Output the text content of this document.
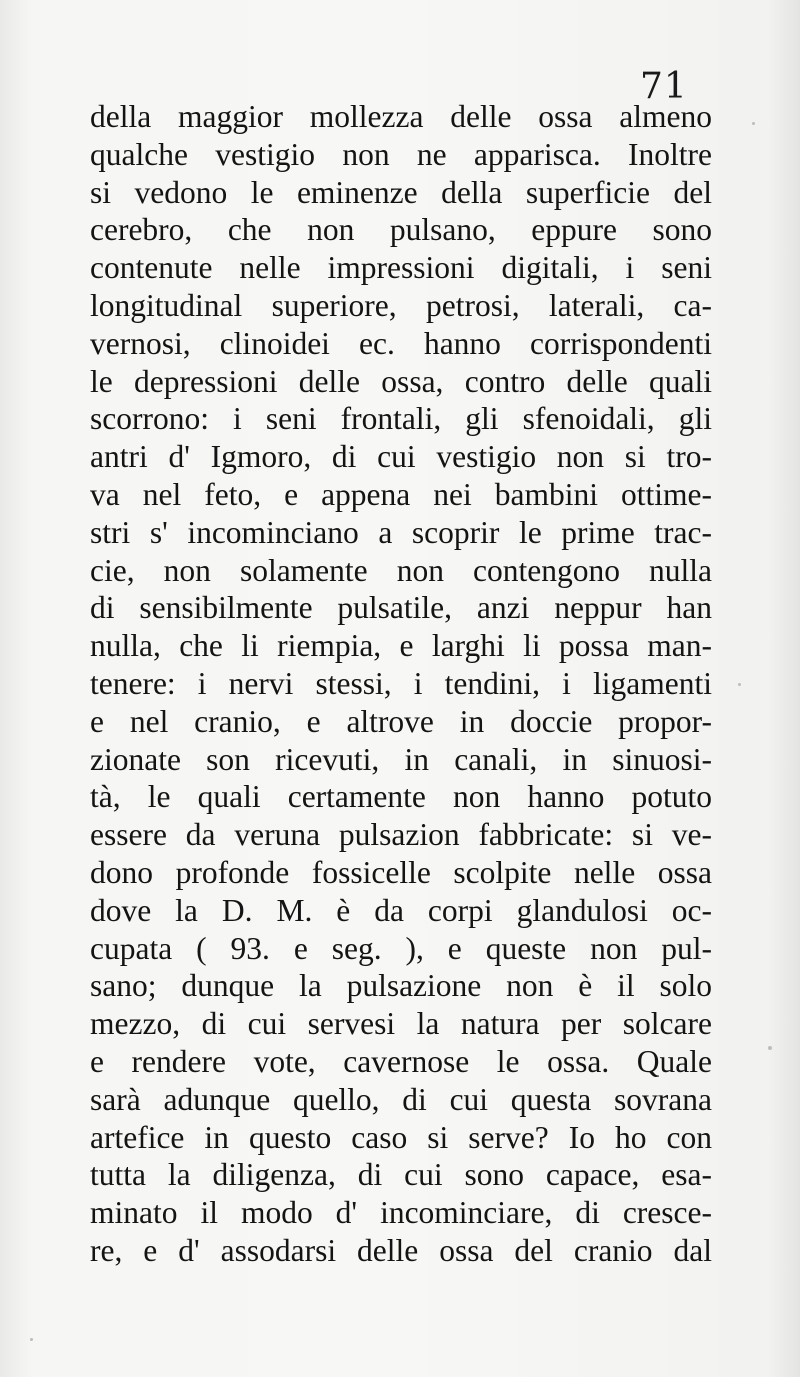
71
della maggior mollezza delle ossa almeno
qualche vestigio non ne apparisca. Inoltre
si vedono le eminenze della superficie del
cerebro, che non pulsano, eppure sono
contenute nelle impressioni digitali, i seni
longitudinal superiore, petrosi, laterali, ca-
vernosi, clinoidei ec. hanno corrispondenti
le depressioni delle ossa, contro delle quali
scorrono: i seni frontali, gli sfenoidali, gli
antri d' Igmoro, di cui vestigio non si tro-
va nel feto, e appena nei bambini ottime-
stri s' incominciano a scoprir le prime trac-
cie, non solamente non contengono nulla
di sensibilmente pulsatile, anzi neppur han
nulla, che li riempia, e larghi li possa man-
tenere: i nervi stessi, i tendini, i ligamenti
e nel cranio, e altrove in doccie propor-
zionate son ricevuti, in canali, in sinuosi-
tà, le quali certamente non hanno potuto
essere da veruna pulsazion fabbricate: si ve-
dono profonde fossicelle scolpite nelle ossa
dove la D. M. è da corpi glandulosi oc-
cupata ( 93. e seg. ), e queste non pul-
sano; dunque la pulsazione non è il solo
mezzo, di cui servesi la natura per solcare
e rendere vote, cavernose le ossa. Quale
sarà adunque quello, di cui questa sovrana
artefice in questo caso si serve? Io ho con
tutta la diligenza, di cui sono capace, esa-
minato il modo d' incominciare, di cresce-
re, e d' assodarsi delle ossa del cranio dal
